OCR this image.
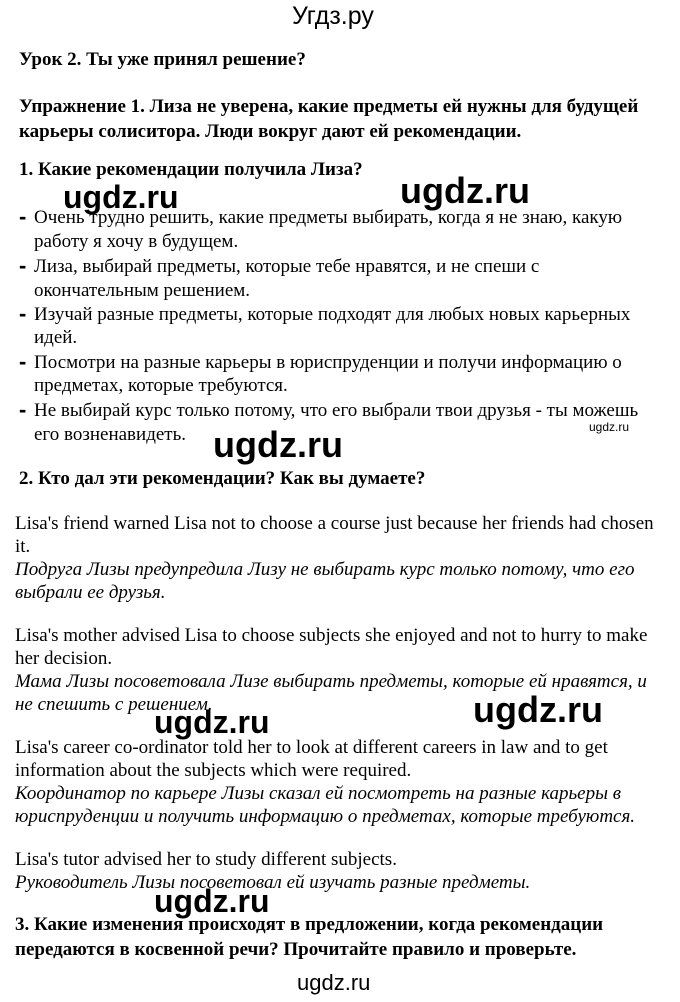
Угдз.ру
Урок 2. Ты уже принял решение?
Упражнение 1. Лиза не уверена, какие предметы ей нужны для будущей
карьеры солиситора. Люди вокруг дают ей рекомендации.
1. Какие рекомендации получила Лиза?
- Очень трудно решить, какие предметы выбирать, когда я не знаю, какую
работу я хочу в будущем.
- Лиза, выбирай предметы, которые тебе нравятся, и не спеши с
окончательным решением.
- Изучай разные предметы, которые подходят для любых новых карьерных
идей.
- Посмотри на разные карьеры в юриспруденции и получи информацию о
предметах, которые требуются.
- Не выбирай курс только потому, что его выбрали твои друзья - ты можешь
его возненавидеть.
2. Кто дал эти рекомендации? Как вы думаете?
Lisa's friend warned Lisa not to choose a course just because her friends had chosen
it.
Подруга Лизы предупредила Лизу не выбирать курс только потому, что его
выбрали ее друзья.
Lisa's mother advised Lisa to choose subjects she enjoyed and not to hurry to make
her decision.
Мама Лизы посоветовала Лизе выбирать предметы, которые ей нравятся, и
не спешить с решением.
Lisa's career co-ordinator told her to look at different careers in law and to get
information about the subjects which were required.
Координатор по карьере Лизы сказал ей посмотреть на разные карьеры в
юриспруденции и получить информацию о предметах, которые требуются.
Lisa's tutor advised her to study different subjects.
Руководитель Лизы посоветовал ей изучать разные предметы.
3. Какие изменения происходят в предложении, когда рекомендации
передаются в косвенной речи? Прочитайте правило и проверьте.
ugdz.ru	ugdz.ru
ugdz.ru	ugdz.ru
ugdz.ru	ugdz.ru
ugdz.ru
ugdz.ru
